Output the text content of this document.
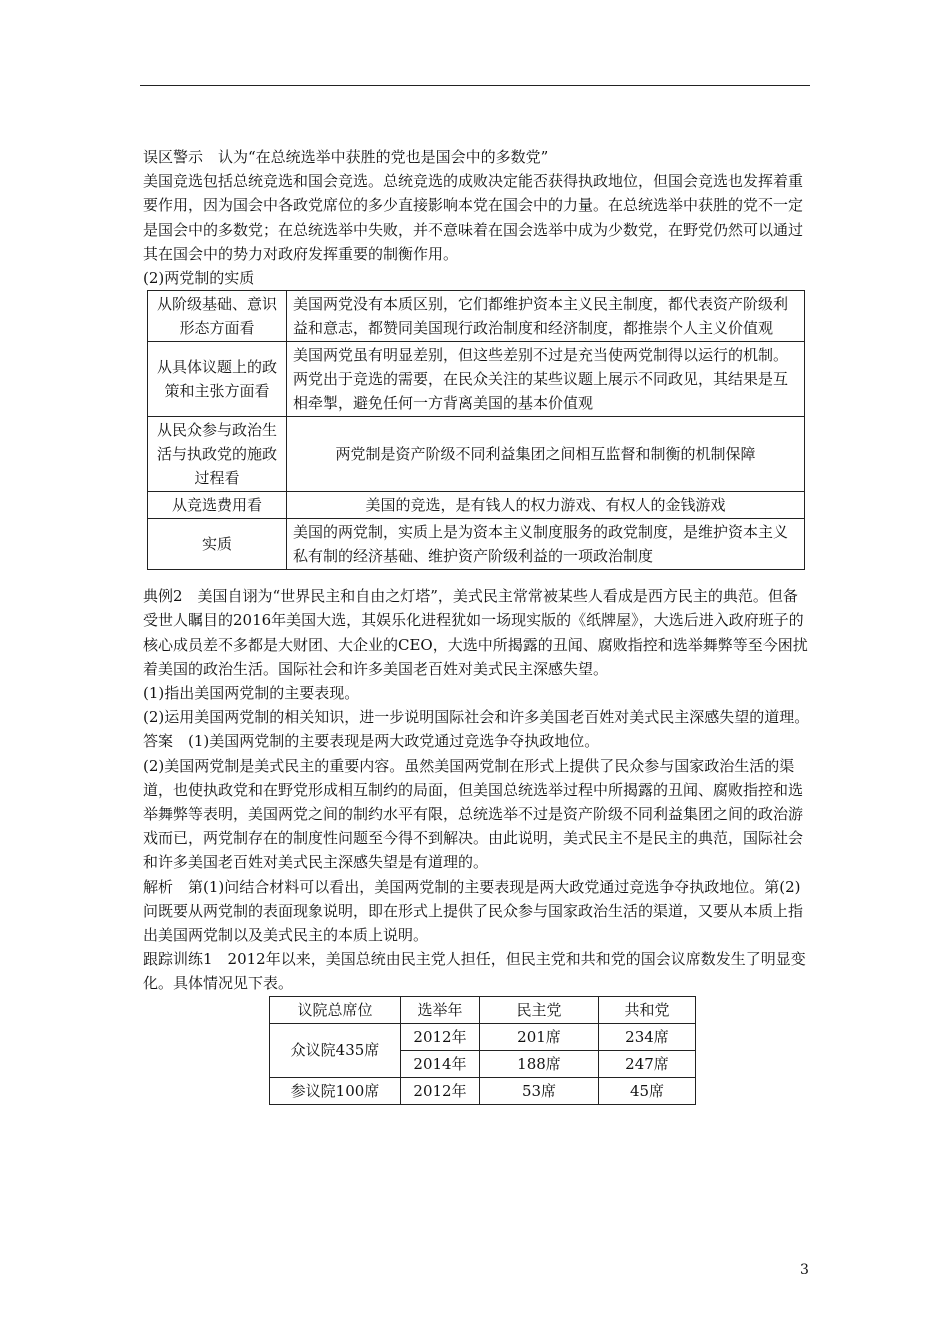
误区警示　认为“在总统选举中获胜的党也是国会中的多数党”

美国竞选包括总统竞选和国会竞选。总统竞选的成败决定能否获得执政地位，但国会竞选也发挥着重要作用，因为国会中各政党席位的多少直接影响本党在国会中的力量。在总统选举中获胜的党不一定是国会中的多数党；在总统选举中失败，并不意味着在国会选举中成为少数党，在野党仍然可以通过其在国会中的势力对政府发挥重要的制衡作用。

(2)两党制的实质

从阶级基础、意识形态方面看	美国两党没有本质区别，它们都维护资本主义民主制度，都代表资产阶级利益和意志，都赞同美国现行政治制度和经济制度，都推崇个人主义价值观
从具体议题上的政策和主张方面看	美国两党虽有明显差别，但这些差别不过是充当使两党制得以运行的机制。两党出于竞选的需要，在民众关注的某些议题上展示不同政见，其结果是互相牵掣，避免任何一方背离美国的基本价值观
从民众参与政治生活与执政党的施政过程看	两党制是资产阶级不同利益集团之间相互监督和制衡的机制保障
从竞选费用看	美国的竞选，是有钱人的权力游戏、有权人的金钱游戏
实质	美国的两党制，实质上是为资本主义制度服务的政党制度，是维护资本主义私有制的经济基础、维护资产阶级利益的一项政治制度

典例2　美国自诩为“世界民主和自由之灯塔”，美式民主常常被某些人看成是西方民主的典范。但备受世人瞩目的2016年美国大选，其娱乐化进程犹如一场现实版的《纸牌屋》，大选后进入政府班子的核心成员差不多都是大财团、大企业的CEO，大选中所揭露的丑闻、腐败指控和选举舞弊等至今困扰着美国的政治生活。国际社会和许多美国老百姓对美式民主深感失望。

(1)指出美国两党制的主要表现。

(2)运用美国两党制的相关知识，进一步说明国际社会和许多美国老百姓对美式民主深感失望的道理。

答案　(1)美国两党制的主要表现是两大政党通过竞选争夺执政地位。

(2)美国两党制是美式民主的重要内容。虽然美国两党制在形式上提供了民众参与国家政治生活的渠道，也使执政党和在野党形成相互制约的局面，但美国总统选举过程中所揭露的丑闻、腐败指控和选举舞弊等表明，美国两党之间的制约水平有限，总统选举不过是资产阶级不同利益集团之间的政治游戏而已，两党制存在的制度性问题至今得不到解决。由此说明，美式民主不是民主的典范，国际社会和许多美国老百姓对美式民主深感失望是有道理的。

解析　第(1)问结合材料可以看出，美国两党制的主要表现是两大政党通过竞选争夺执政地位。第(2)问既要从两党制的表面现象说明，即在形式上提供了民众参与国家政治生活的渠道，又要从本质上指出美国两党制以及美式民主的本质上说明。

跟踪训练1　2012年以来，美国总统由民主党人担任，但民主党和共和党的国会议席数发生了明显变化。具体情况见下表。

议院总席位	选举年	民主党	共和党
众议院435席	2012年	201席	234席
	2014年	188席	247席
参议院100席	2012年	53席	45席
3
